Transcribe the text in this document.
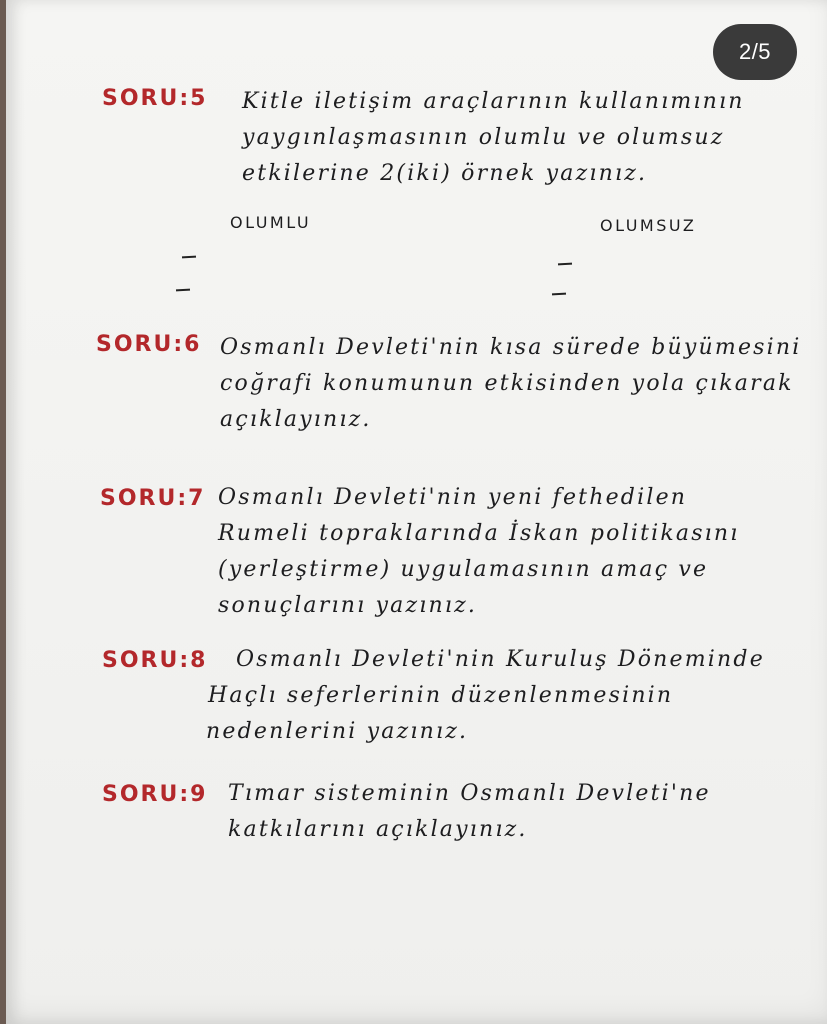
SORU:5 Kitle iletişim araçlarının kullanımının
yaygınlaşmasının olumlu ve olumsuz
etkilerine 2(iki) örnek yazınız.
OLUMLU	OLUMSUZ
SORU:6 Osmanlı Devleti'nin kısa sürede büyümesini
coğrafi konumunun etkisinden yola çıkarak
açıklayınız.
SORU:7 Osmanlı Devleti'nin yeni fethedilen
Rumeli topraklarında İskan politikasını
(yerleştirme) uygulamasının amaç ve
sonuçlarını yazınız.
SORU:8 Osmanlı Devleti'nin Kuruluş Döneminde
Haçlı seferlerinin düzenlenmesinin
nedenlerini yazınız.
SORU:9 Tımar sisteminin Osmanlı Devleti'ne
katkılarını açıklayınız.
2/5
